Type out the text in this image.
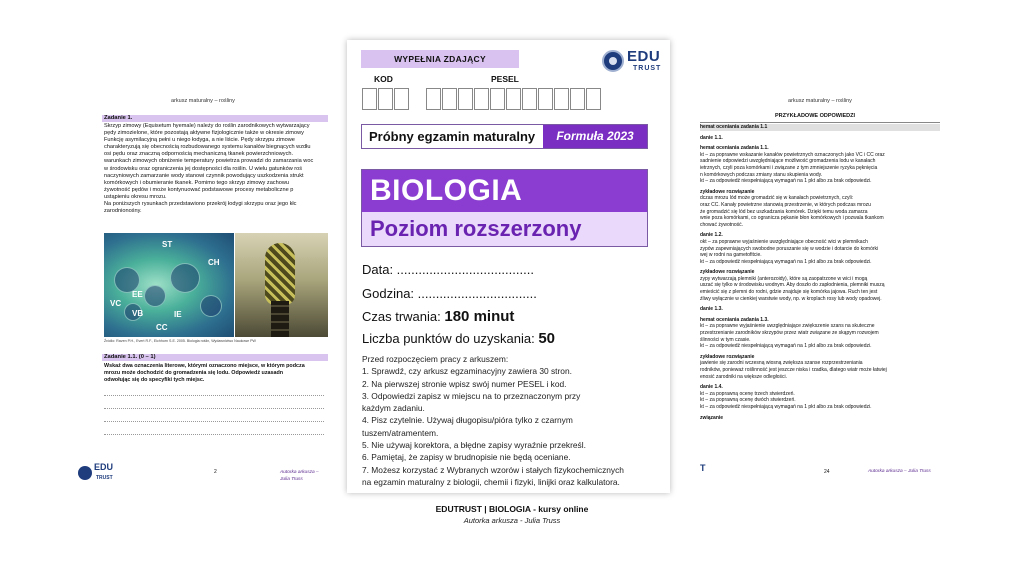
arkusz maturalny – rośliny
Zadanie 1.
Skrzyp zimowy (Equisetum hyemale) należy do roślin zarodnikowych wytwarzający
pędy zimozielone, które pozostają aktywne fizjologicznie także w okresie zimowy
Funkcję asymilacyjną pełni u niego łodyga, a nie liście. Pędy skrzypu zimowe
charakteryzują się obecnością rozbudowanego systemu kanałów biegnących wzdłu
osi pędu oraz znaczną odpornością mechaniczną tkanek powierzchniowych.
warunkach zimowych obniżenie temperatury powietrza prowadzi do zamarzania woc
w środowisku oraz ograniczenia jej dostępności dla roślin. U wielu gatunków roś
naczyniowych zamarzanie wody stanowi czynnik powodujący uszkodzenia strukt
komórkowych i obumieranie tkanek. Pomimo tego skrzyp zimowy zachowu
żywotność pędów i może kontynuować podstawowe procesy metaboliczne p
ustąpieniu okresu mrozu.
Na poniższych rysunkach przedstawiono przekrój łodygi skrzypu oraz jego kłc
zarodnionośny.
ST
CH
EE
VC
VB	IE
CC
Źródło: Raven P.H., Evert R.F., Eichhorn S.E. 2005. Biologia roślin, Wydawnictwo Naukowe PW
Zadanie 1.1. (0 – 1)
Wskaż dwa oznaczenia literowe, którymi oznaczono miejsce, w którym podcza
mrozu może dochodzić do gromadzenia się lodu. Odpowiedź uzasadn
odwołując się do specyfiki tych miejsc.
EDU
TRUST
2	Autorka arkusza – Julia Truss
arkusz maturalny – rośliny
PRZYKŁADOWE ODPOWIEDZI
hemat oceniania zadania 1.1
danie 1.1.
hemat oceniania zadania 1.1.
kt – za poprawne wskazanie kanałów powietrznych oznaczonych jako VC i CC oraz
sadnienie odpowiedzi uwzględniające możliwość gromadzenia lodu w kanałach
ietrznych, czyli poza komórkami i związane z tym zmniejszenie ryzyka pęknięcia
n komórkowych podczas zmiany stanu skupienia wody.
kt – za odpowiedź niespełniającą wymagań na 1 pkt albo za brak odpowiedzi.
zykładowe rozwiązanie
dczas mrozu lód może gromadzić się w kanałach powietrznych, czyli:
oraz CC. Kanały powietrzne stanowią przestrzenie, w których podczas mrozu
że gromadzić się lód bez uszkadzania komórek. Dzięki temu woda zamarza
wnie poza komórkami, co ogranicza pękanie błon komórkowych i pozwala tkankom
chować żywotność.
danie 1.2.
okt – za poprawne wyjaśnienie uwzględniające obecność wici w plemnikach
zypów zapewniających swobodne poruszanie się w wodzie i dotarcie do komórki
wej w rodni na gametofitcie.
kt – za odpowiedź niespełniającą wymagań na 1 pkt albo za brak odpowiedzi.
zykładowe rozwiązanie
zypy wytwarzają plemniki (anterozoidy), które są zaopatrzone w wici i mogą
uszać się tylko w środowisku wodnym. Aby doszło do zapłodnienia, plemniki muszą
emieścić się z plemni do rodni, gdzie znajduje się komórka jajowa. Ruch ten jest
żliwy wyłącznie w cienkiej warstwie wody, np. w kroplach rosy lub wody opadowej.
danie 1.3.
hemat oceniania zadania 1.3.
kt – za poprawne wyjaśnienie uwzględniające zwiększenie szans na skuteczne
przestrzenianie zarodników skrzypów przez wiatr związane ze skąpym rozwojem
ślinności w tym czasie.
kt – za odpowiedź niespełniającą wymagań na 1 pkt albo za brak odpowiedzi.
zykładowe rozwiązanie
jawienie się zarodni wczesną wiosną zwiększa szanse rozprzestrzeniania
rodników, ponieważ roślinność jest jeszcze niska i rzadka, dlatego wiatr może łatwiej
enosić zarodniki na większe odległości.
danie 1.4.
kt – za poprawną ocenę trzech stwierdzeń.
kt – za poprawną ocenę dwóch stwierdzeń.
kt – za odpowiedź niespełniającą wymagań na 1 pkt albo za brak odpowiedzi.
związanie
T	24	Autorka arkusza – Julia Truss
WYPEŁNIA ZDAJĄCY
KOD	PESEL
EDU
TRUST
Próbny egzamin maturalny	Formuła 2023
BIOLOGIA
Poziom rozszerzony
Data: ......................................
Godzina: .................................
Czas trwania: 180 minut
Liczba punktów do uzyskania: 50
Przed rozpoczęciem pracy z arkuszem:
1. Sprawdź, czy arkusz egzaminacyjny zawiera 30 stron.
2. Na pierwszej stronie wpisz swój numer PESEL i kod.
3. Odpowiedzi zapisz w miejscu na to przeznaczonym przy
każdym zadaniu.
4. Pisz czytelnie. Używaj długopisu/pióra tylko z czarnym
tuszem/atramentem.
5. Nie używaj korektora, a błędne zapisy wyraźnie przekreśl.
6. Pamiętaj, że zapisy w brudnopisie nie będą oceniane.
7. Możesz korzystać z Wybranych wzorów i stałych fizykochemicznych
na egzamin maturalny z biologii, chemii i fizyki, linijki oraz kalkulatora.
EDUTRUST | BIOLOGIA - kursy online
Autorka arkusza - Julia Truss
